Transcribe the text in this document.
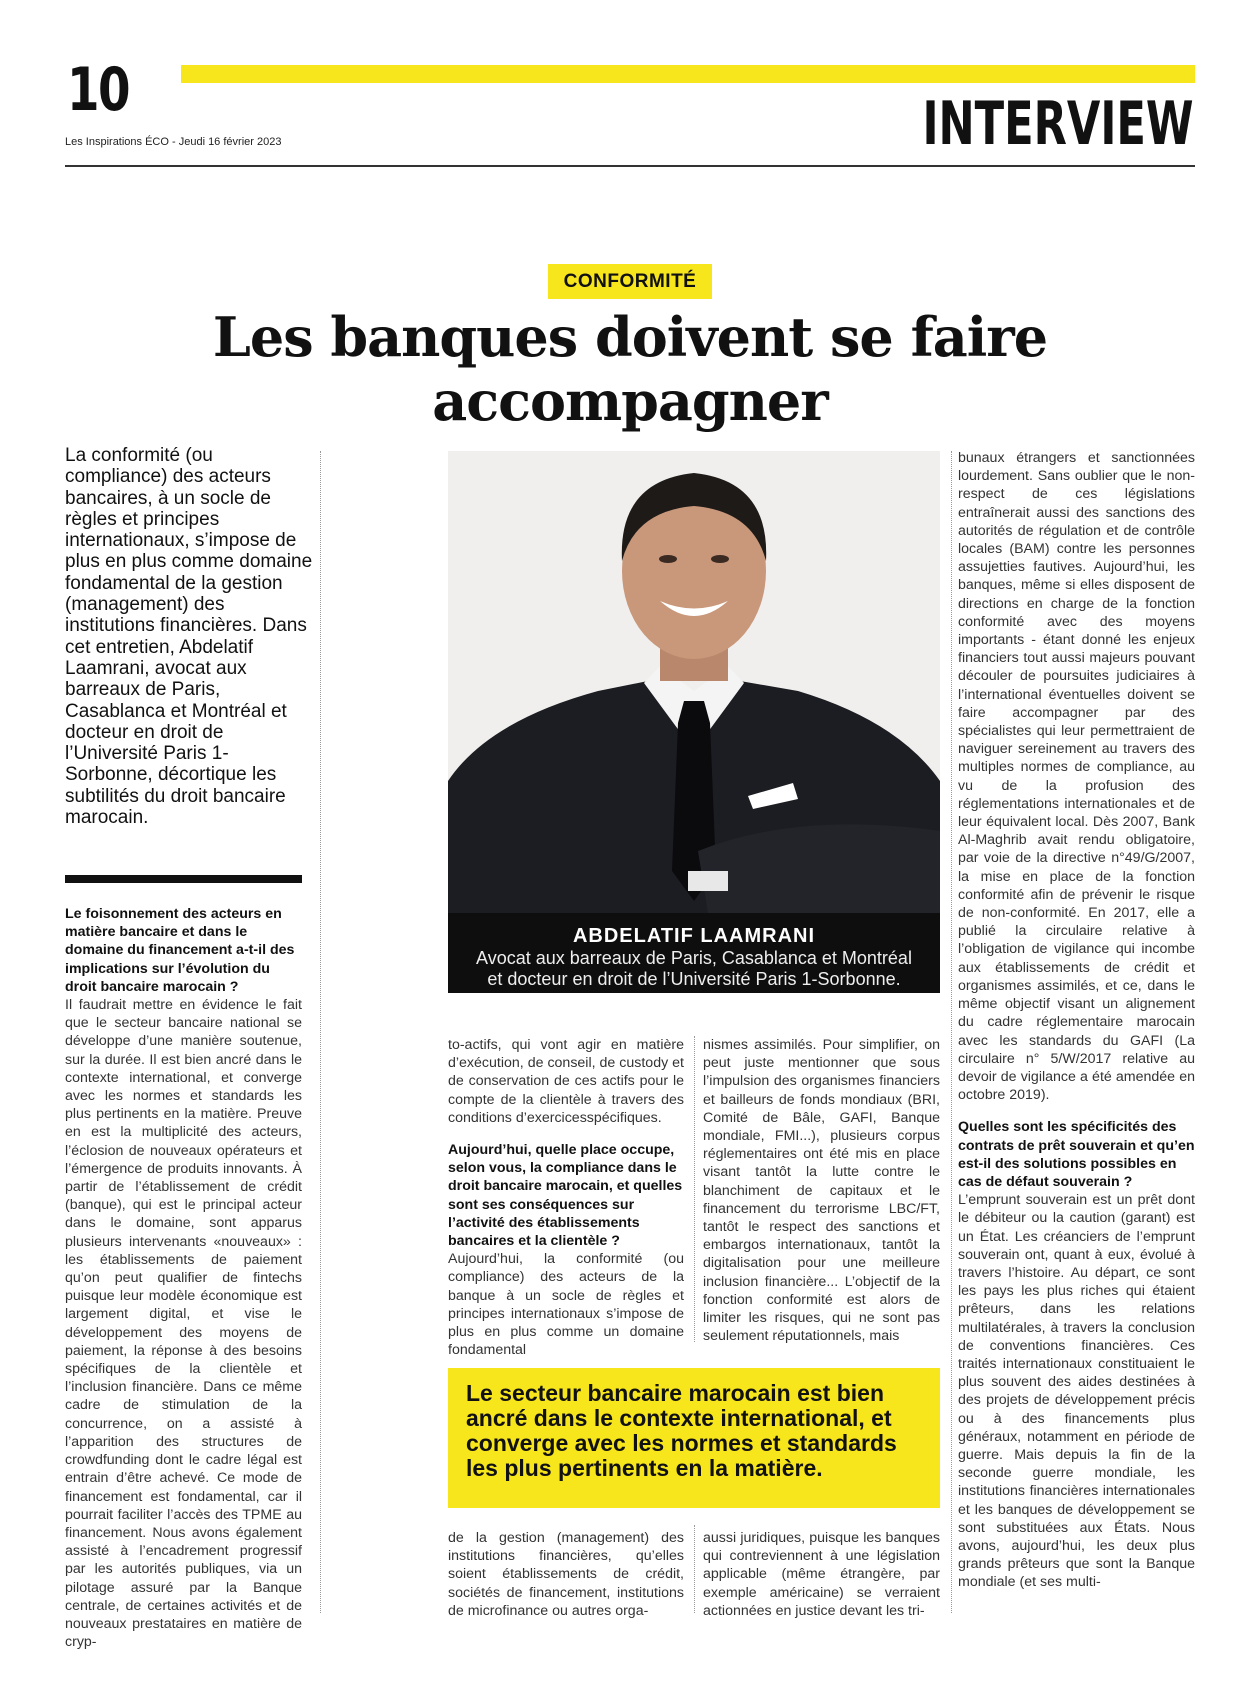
10
Les Inspirations ÉCO - Jeudi 16 février 2023	INTERVIEW
CONFORMITÉ
Les banques doivent se faire
accompagner
La conformité (ou compliance) des acteurs bancaires, à un socle de règles et principes internationaux, s’impose de plus en plus comme domaine fondamental de la gestion (management) des institutions financières. Dans cet entretien, Abdelatif Laamrani, avocat aux barreaux de Paris, Casablanca et Montréal et docteur en droit de l’Université Paris 1-Sorbonne, décortique les subtilités du droit bancaire marocain.
ABDELATIF LAAMRANI
Avocat aux barreaux de Paris, Casablanca et Montréal
et docteur en droit de l’Université Paris 1-Sorbonne.

Le foisonnement des acteurs en matière bancaire et dans le domaine du financement a-t-il des implications sur l’évolution du droit bancaire marocain ?

Il faudrait mettre en évidence le fait que le secteur bancaire national se développe d’une manière soutenue, sur la durée. Il est bien ancré dans le contexte international, et converge avec les normes et standards les plus pertinents en la matière. Preuve en est la multiplicité des acteurs, l’éclosion de nouveaux opérateurs et l’émergence de produits innovants. À partir de l’établissement de crédit (banque), qui est le principal acteur dans le domaine, sont apparus plusieurs intervenants «nouveaux» : les établissements de paiement qu’on peut qualifier de fintechs puisque leur modèle économique est largement digital, et vise le développement des moyens de paiement, la réponse à des besoins spécifiques de la clientèle et l’inclusion financière. Dans ce même cadre de stimulation de la concurrence, on a assisté à l’apparition des structures de crowdfunding dont le cadre légal est entrain d’être achevé. Ce mode de financement est fondamental, car il pourrait faciliter l’accès des TPME au financement. Nous avons également assisté à l’encadrement progressif par les autorités publiques, via un pilotage assuré par la Banque centrale, de certaines activités et de nouveaux prestataires en matière de cryp-

to-actifs, qui vont agir en matière d’exécution, de conseil, de custody et de conservation de ces actifs pour le compte de la clientèle à travers des conditions d’exercicesspécifiques.

Aujourd’hui, quelle place occupe, selon vous, la compliance dans le droit bancaire marocain, et quelles sont ses conséquences sur l’activité des établissements bancaires et la clientèle ?

Aujourd’hui, la conformité (ou compliance) des acteurs de la banque à un socle de règles et principes internationaux s’impose de plus en plus comme un domaine fondamental

nismes assimilés. Pour simplifier, on peut juste mentionner que sous l’impulsion des organismes financiers et bailleurs de fonds mondiaux (BRI, Comité de Bâle, GAFI, Banque mondiale, FMI...), plusieurs corpus réglementaires ont été mis en place visant tantôt la lutte contre le blanchiment de capitaux et le financement du terrorisme LBC/FT, tantôt le respect des sanctions et embargos internationaux, tantôt la digitalisation pour une meilleure inclusion financière... L’objectif de la fonction conformité est alors de limiter les risques, qui ne sont pas seulement réputationnels, mais

Le secteur bancaire marocain est bien ancré dans le contexte international, et converge avec les normes et standards les plus pertinents en la matière.

de la gestion (management) des institutions financières, qu’elles soient établissements de crédit, sociétés de financement, institutions de microfinance ou autres orga-

aussi juridiques, puisque les banques qui contreviennent à une législation applicable (même étrangère, par exemple américaine) se verraient actionnées en justice devant les tri-

bunaux étrangers et sanctionnées lourdement. Sans oublier que le non-respect de ces législations entraînerait aussi des sanctions des autorités de régulation et de contrôle locales (BAM) contre les personnes assujetties fautives. Aujourd’hui, les banques, même si elles disposent de directions en charge de la fonction conformité avec des moyens importants - étant donné les enjeux financiers tout aussi majeurs pouvant découler de poursuites judiciaires à l’international éventuelles doivent se faire accompagner par des spécialistes qui leur permettraient de naviguer sereinement au travers des multiples normes de compliance, au vu de la profusion des réglementations internationales et de leur équivalent local. Dès 2007, Bank Al-Maghrib avait rendu obligatoire, par voie de la directive n°49/G/2007, la mise en place de la fonction conformité afin de prévenir le risque de non-conformité. En 2017, elle a publié la circulaire relative à l’obligation de vigilance qui incombe aux établissements de crédit et organismes assimilés, et ce, dans le même objectif visant un alignement du cadre réglementaire marocain avec les standards du GAFI (La circulaire n° 5/W/2017 relative au devoir de vigilance a été amendée en octobre 2019).

Quelles sont les spécificités des contrats de prêt souverain et qu’en est-il des solutions possibles en cas de défaut souverain ?

L’emprunt souverain est un prêt dont le débiteur ou la caution (garant) est un État. Les créanciers de l’emprunt souverain ont, quant à eux, évolué à travers l’histoire. Au départ, ce sont les pays les plus riches qui étaient prêteurs, dans les relations multilatérales, à travers la conclusion de conventions financières. Ces traités internationaux constituaient le plus souvent des aides destinées à des projets de développement précis ou à des financements plus généraux, notamment en période de guerre. Mais depuis la fin de la seconde guerre mondiale, les institutions financières internationales et les banques de développement se sont substituées aux États. Nous avons, aujourd’hui, les deux plus grands prêteurs que sont la Banque mondiale (et ses multi-
